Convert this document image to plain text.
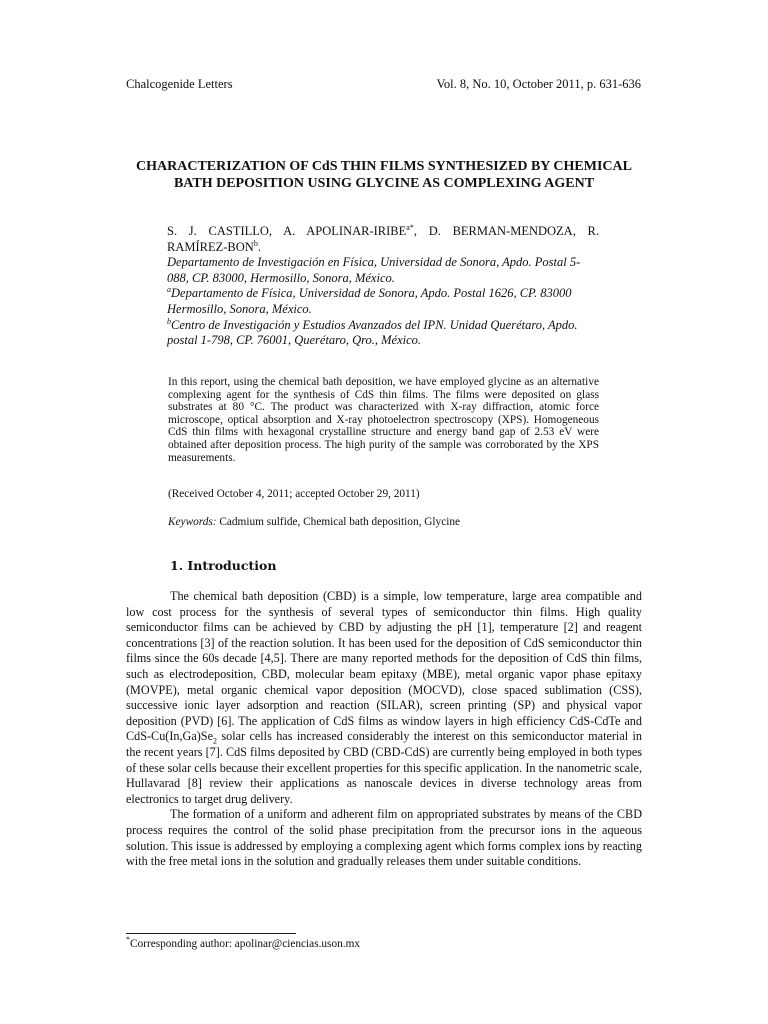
Chalcogenide Letters	Vol. 8, No. 10, October 2011, p. 631-636
CHARACTERIZATION OF CdS THIN FILMS SYNTHESIZED BY CHEMICAL
BATH DEPOSITION USING GLYCINE AS COMPLEXING AGENT
S. J. CASTILLO, A. APOLINAR-$IRIBE^{a*}$, D. BERMAN-MENDOZA, R.
RAMÍREZ-BON$^b$.
Departamento de Investigación en Física, Universidad de Sonora, Apdo. Postal 5-088, CP. 83000, Hermosillo, Sonora, México.
$^a$Departamento de Física, Universidad de Sonora, Apdo. Postal 1626, CP. 83000 Hermosillo, Sonora, México.
$^b$Centro de Investigación y Estudios Avanzados del IPN. Unidad Querétaro, Apdo. postal 1-798, CP. 76001, Querétaro, Qro., México.
In this report, using the chemical bath deposition, we have employed glycine as an alternative complexing agent for the synthesis of CdS thin films. The films were deposited on glass substrates at 80 °C. The product was characterized with X-ray diffraction, atomic force microscope, optical absorption and X-ray photoelectron spectroscopy (XPS). Homogeneous CdS thin films with hexagonal crystalline structure and energy band gap of 2.53 eV were obtained after deposition process. The high purity of the sample was corroborated by the XPS measurements.
(Received October 4, 2011; accepted October 29, 2011)
Keywords: Cadmium sulfide, Chemical bath deposition, Glycine
1. Introduction

The chemical bath deposition (CBD) is a simple, low temperature, large area compatible and low cost process for the synthesis of several types of semiconductor thin films. High quality semiconductor films can be achieved by CBD by adjusting the pH [1], temperature [2] and reagent concentrations [3] of the reaction solution. It has been used for the deposition of CdS semiconductor thin films since the 60s decade [4,5]. There are many reported methods for the deposition of CdS thin films, such as electrodeposition, CBD, molecular beam epitaxy (MBE), metal organic vapor phase epitaxy (MOVPE), metal organic chemical vapor deposition (MOCVD), close spaced sublimation (CSS), successive ionic layer adsorption and reaction (SILAR), screen printing (SP) and physical vapor deposition (PVD) [6]. The application of CdS films as window layers in high efficiency CdS-CdTe and CdS-$Cu(In,Ga)Se_2$ solar cells has increased considerably the interest on this semiconductor material in the recent years [7]. CdS films deposited by CBD (CBD-CdS) are currently being employed in both types of these solar cells because their excellent properties for this specific application. In the nanometric scale, Hullavarad [8] review their applications as nanoscale devices in diverse technology areas from electronics to target drug delivery.

The formation of a uniform and adherent film on appropriated substrates by means of the CBD process requires the control of the solid phase precipitation from the precursor ions in the aqueous solution. This issue is addressed by employing a complexing agent which forms complex ions by reacting with the free metal ions in the solution and gradually releases them under suitable conditions.

*Corresponding author: apolinar@ciencias.uson.mx
